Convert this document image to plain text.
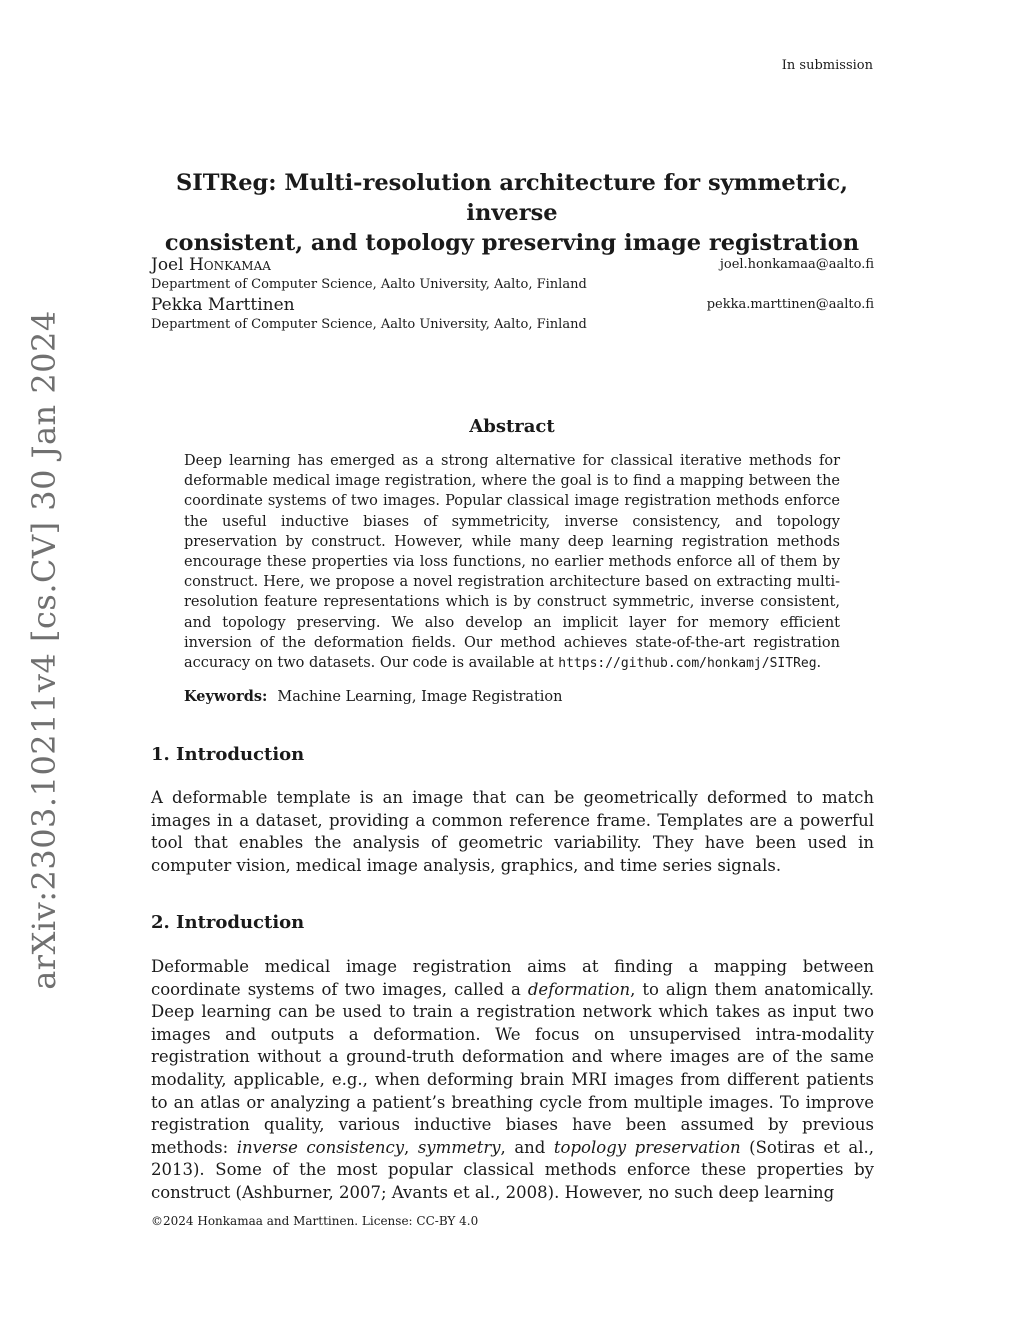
In submission
arXiv:2303.10211v4 [cs.CV] 30 Jan 2024
SITReg: Multi-resolution architecture for symmetric, inverse
consistent, and topology preserving image registration
Joel Honkamaa	joel.honkamaa@aalto.fi
Department of Computer Science, Aalto University, Aalto, Finland
Pekka Marttinen	pekka.marttinen@aalto.fi
Department of Computer Science, Aalto University, Aalto, Finland
Abstract
Deep learning has emerged as a strong alternative for classical iterative methods for deformable medical image registration, where the goal is to find a mapping between the coordinate systems of two images. Popular classical image registration methods enforce the useful inductive biases of symmetricity, inverse consistency, and topology preservation by construct. However, while many deep learning registration methods encourage these properties via loss functions, no earlier methods enforce all of them by construct. Here, we propose a novel registration architecture based on extracting multi-resolution feature representations which is by construct symmetric, inverse consistent, and topology preserving. We also develop an implicit layer for memory efficient inversion of the deformation fields. Our method achieves state-of-the-art registration accuracy on two datasets. Our code is available at https://github.com/honkamj/SITReg.
Keywords: Machine Learning, Image Registration
1. Introduction
A deformable template is an image that can be geometrically deformed to match images in a dataset, providing a common reference frame. Templates are a powerful tool that enables the analysis of geometric variability. They have been used in computer vision, medical image analysis, graphics, and time series signals.
2. Introduction
Deformable medical image registration aims at finding a mapping between coordinate systems of two images, called a deformation, to align them anatomically. Deep learning can be used to train a registration network which takes as input two images and outputs a deformation. We focus on unsupervised intra-modality registration without a ground-truth deformation and where images are of the same modality, applicable, e.g., when deforming brain MRI images from different patients to an atlas or analyzing a patient’s breathing cycle from multiple images. To improve registration quality, various inductive biases have been assumed by previous methods: inverse consistency, symmetry, and topology preservation (Sotiras et al., 2013). Some of the most popular classical methods enforce these properties by construct (Ashburner, 2007; Avants et al., 2008). However, no such deep learning
©2024 Honkamaa and Marttinen. License: CC-BY 4.0
